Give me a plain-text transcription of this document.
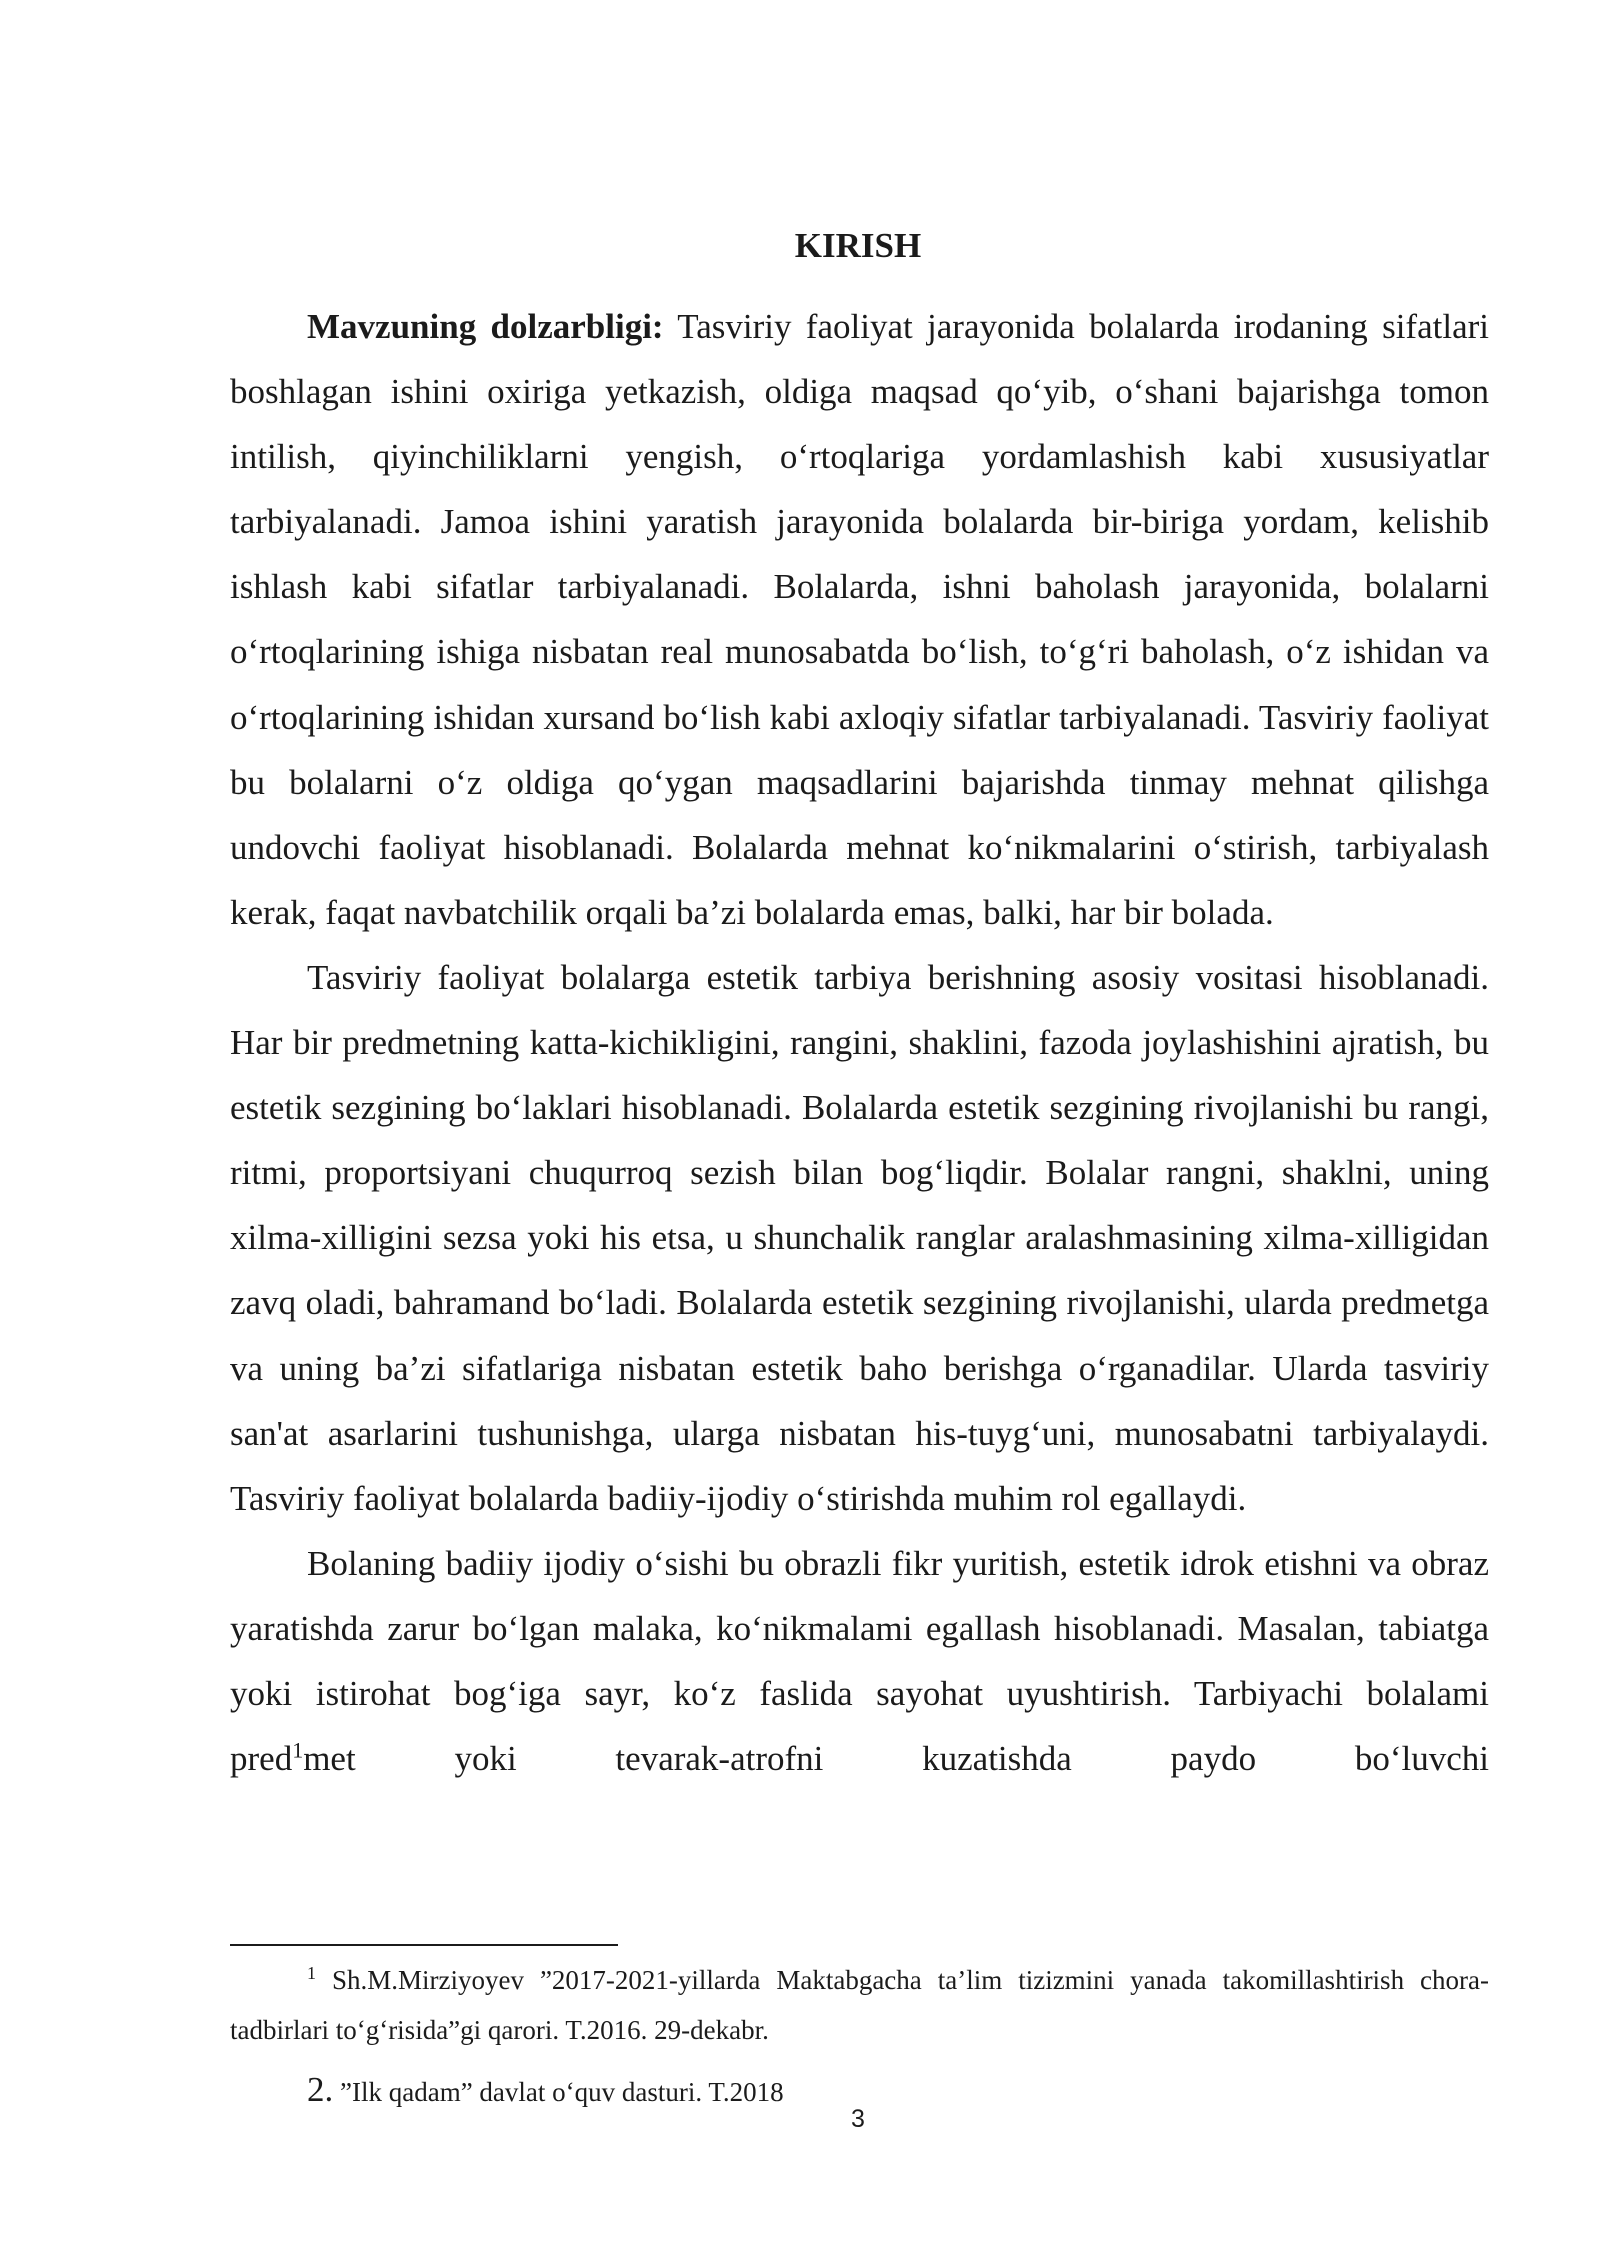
KIRISH

Mavzuning dolzarbligi: Tasviriy faoliyat jarayonida bolalarda irodaning sifatlari boshlagan ishini oxiriga yetkazish, oldiga maqsad qo‘yib, o‘shani bajarishga tomon intilish, qiyinchiliklarni yengish, o‘rtoqlariga yordamlashish kabi xususiyatlar tarbiyalanadi. Jamoa ishini yaratish jarayonida bolalarda bir-biriga yordam, kelishib ishlash kabi sifatlar tarbiyalanadi. Bolalarda, ishni baholash jarayonida, bolalarni o‘rtoqlarining ishiga nisbatan real munosabatda bo‘lish, to‘g‘ri baholash, o‘z ishidan va o‘rtoqlarining ishidan xursand bo‘lish kabi axloqiy sifatlar tarbiyalanadi. Tasviriy faoliyat bu bolalarni o‘z oldiga qo‘ygan maqsadlarini bajarishda tinmay mehnat qilishga undovchi faoliyat hisoblanadi. Bolalarda mehnat ko‘nikmalarini o‘stirish, tarbiyalash kerak, faqat navbatchilik orqali ba’zi bolalarda emas, balki, har bir bolada.

Tasviriy faoliyat bolalarga estetik tarbiya berishning asosiy vositasi hisoblanadi. Har bir predmetning katta-kichikligini, rangini, shaklini, fazoda joylashishini ajratish, bu estetik sezgining bo‘laklari hisoblanadi. Bolalarda estetik sezgining rivojlanishi bu rangi, ritmi, proportsiyani chuqurroq sezish bilan bog‘liqdir. Bolalar rangni, shaklni, uning xilma-xilligini sezsa yoki his etsa, u shunchalik ranglar aralashmasining xilma-xilligidan zavq oladi, bahramand bo‘ladi. Bolalarda estetik sezgining rivojlanishi, ularda predmetga va uning ba’zi sifatlariga nisbatan estetik baho berishga o‘rganadilar. Ularda tasviriy san'at asarlarini tushunishga, ularga nisbatan his-tuyg‘uni, munosabatni tarbiyalaydi. Tasviriy faoliyat bolalarda badiiy-ijodiy o‘stirishda muhim rol egallaydi.

Bolaning badiiy ijodiy o‘sishi bu obrazli fikr yuritish, estetik idrok etishni va obraz yaratishda zarur bo‘lgan malaka, ko‘nikmalami egallash hisoblanadi. Masalan, tabiatga yoki istirohat bog‘iga sayr, ko‘z faslida sayohat uyushtirish. Tarbiyachi bolalami pred$^1$met yoki tevarak-atrofni kuzatishda paydo bo‘luvchi

$^1$ Sh.M.Mirziyoyev ”2017-2021-yillarda Maktabgacha ta’lim tizizmini yanada takomillashtirish chora-tadbirlari to‘g‘risida”gi qarori. T.2016. 29-dekabr.

2. ”Ilk qadam” davlat o‘quv dasturi. T.2018

3
